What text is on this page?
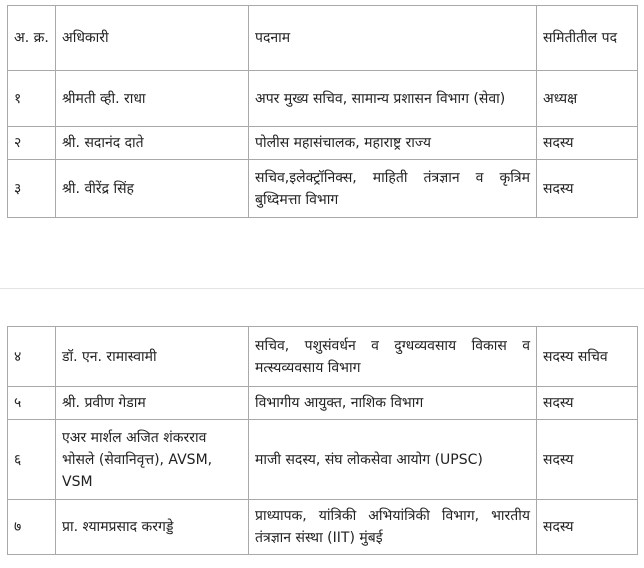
अ. क्र.	अधिकारी	पदनाम	समितीतील पद
१	श्रीमती व्ही. राधा	अपर मुख्य सचिव, सामान्य प्रशासन विभाग (सेवा)	अध्यक्ष
२	श्री. सदानंद दाते	पोलीस महासंचालक, महाराष्ट्र राज्य	सदस्य
३	श्री. वीरेंद्र सिंह	सचिव,इलेक्ट्रॉनिक्स, माहिती तंत्रज्ञान व कृत्रिम बुध्दिमत्ता विभाग	सदस्य
४	डॉ. एन. रामास्वामी	सचिव, पशुसंवर्धन व दुग्धव्यवसाय विकास व मत्स्यव्यवसाय विभाग	सदस्य सचिव
५	श्री. प्रवीण गेडाम	विभागीय आयुक्त, नाशिक विभाग	सदस्य
६	एअर मार्शल अजित शंकरराव भोसले (सेवानिवृत्त), AVSM, VSM	माजी सदस्य, संघ लोकसेवा आयोग (UPSC)	सदस्य
७	प्रा. श्यामप्रसाद करगड्डे	प्राध्यापक, यांत्रिकी अभियांत्रिकी विभाग, भारतीय तंत्रज्ञान संस्था (IIT) मुंबई	सदस्य
